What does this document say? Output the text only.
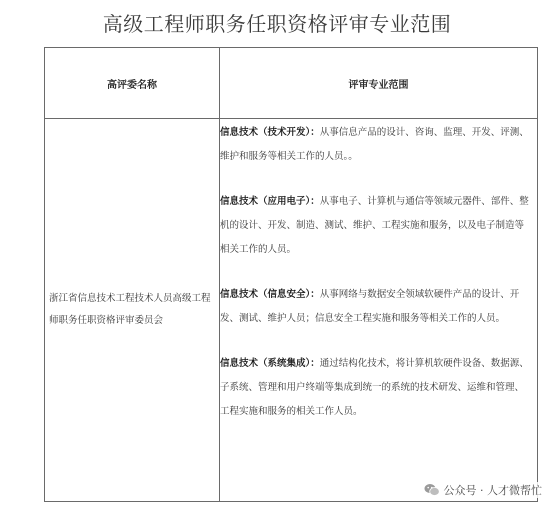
高级工程师职务任职资格评审专业范围
高评委名称	评审专业范围
浙江省信息技术工程技术人员高级工程师职务任职资格评审委员会	信息技术（技术开发）：从事信息产品的设计、咨询、监理、开发、评测、维护和服务等相关工作的人员。。

信息技术（应用电子）：从事电子、计算机与通信等领域元器件、部件、整机的设计、开发、制造、测试、维护、工程实施和服务，以及电子制造等相关工作的人员。

信息技术（信息安全）：从事网络与数据安全领域软硬件产品的设计、开发、测试、维护人员；信息安全工程实施和服务等相关工作的人员。

信息技术（系统集成）：通过结构化技术，将计算机软硬件设备、数据源、子系统、管理和用户终端等集成到统一的系统的技术研发、运维和管理、工程实施和服务的相关工作人员。

公众号 · 人才微帮忙
